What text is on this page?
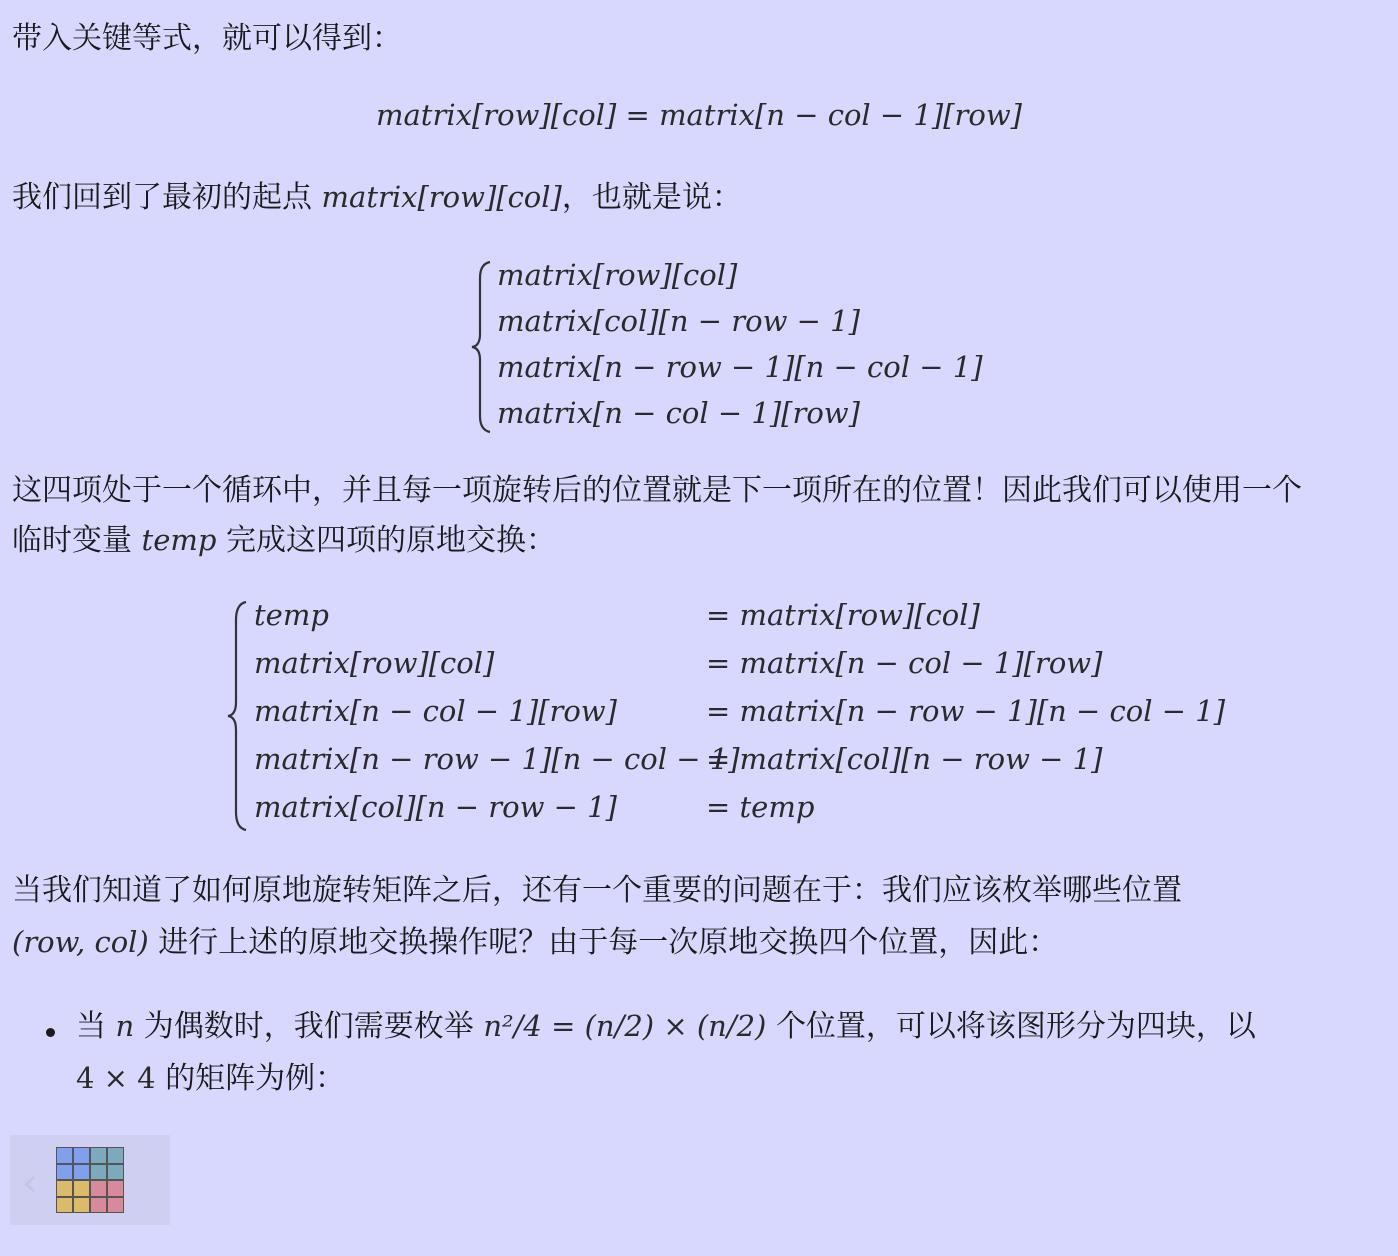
带入关键等式，就可以得到：
matrix[row][col] = matrix[n − col − 1][row]
我们回到了最初的起点 matrix[row][col]，也就是说：
matrix[row][col]
matrix[col][n − row − 1]
matrix[n − row − 1][n − col − 1]
matrix[n − col − 1][row]
这四项处于一个循环中，并且每一项旋转后的位置就是下一项所在的位置！因此我们可以使用一个
临时变量 temp 完成这四项的原地交换：
temp
matrix[row][col]
matrix[n − col − 1][row]
matrix[n − row − 1][n − col − 1]
matrix[col][n − row − 1]
= matrix[row][col]
= matrix[n − col − 1][row]
= matrix[n − row − 1][n − col − 1]
= matrix[col][n − row − 1]
= temp
当我们知道了如何原地旋转矩阵之后，还有一个重要的问题在于：我们应该枚举哪些位置
(row, col) 进行上述的原地交换操作呢？由于每一次原地交换四个位置，因此：
当 n 为偶数时，我们需要枚举 n²/4 = (n/2) × (n/2) 个位置，可以将该图形分为四块，以
4 × 4 的矩阵为例：
‹
